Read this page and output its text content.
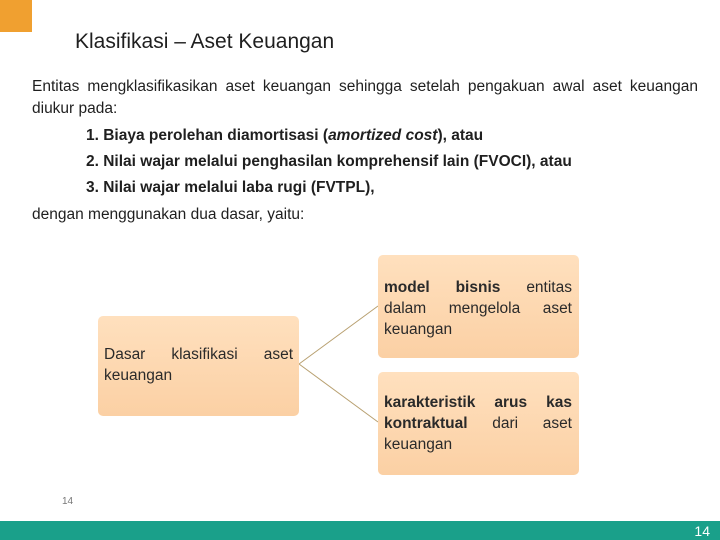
Klasifikasi – Aset Keuangan

Entitas mengklasifikasikan aset keuangan sehingga setelah pengakuan awal aset keuangan diukur pada:

1. Biaya perolehan diamortisasi (amortized cost), atau
2. Nilai wajar melalui penghasilan komprehensif lain (FVOCI), atau
3. Nilai wajar melalui laba rugi (FVTPL),
dengan menggunakan dua dasar, yaitu:
Dasar klasifikasi aset keuangan
model bisnis entitas dalam mengelola aset keuangan
karakteristik arus kas kontraktual dari aset keuangan
14
14
